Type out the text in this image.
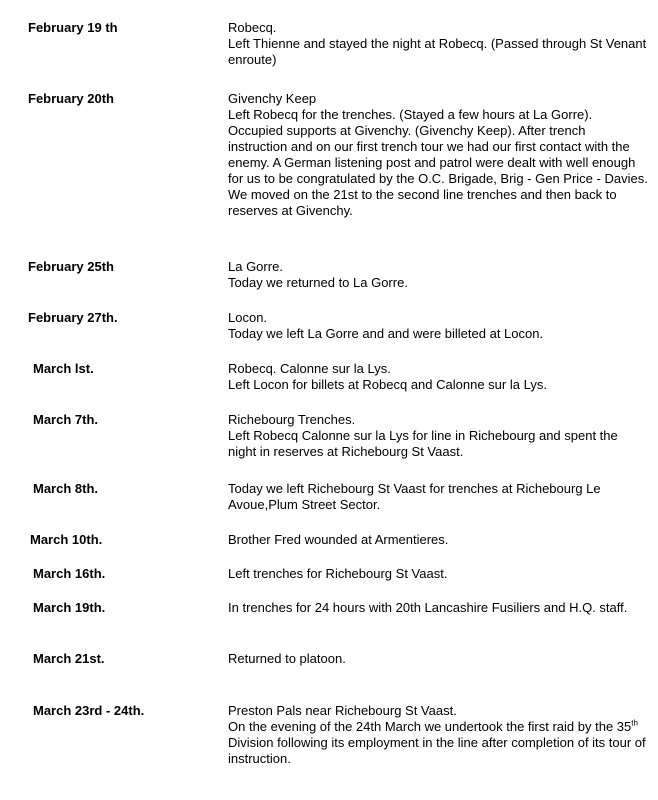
February 19 th	Robecq.

Left Thienne and stayed the night at Robecq. (Passed through St Venant enroute)

February 20th	Givenchy Keep

Left Robecq for the trenches. (Stayed a few hours at La Gorre). Occupied supports at Givenchy. (Givenchy Keep). After trench instruction and on our first trench tour we had our first contact with the enemy. A German listening post and patrol were dealt with well enough for us to be congratulated by the O.C. Brigade, Brig - Gen Price - Davies. We moved on the 21st to the second line trenches and then back to reserves at Givenchy.

February 25th	La Gorre.

Today we returned to La Gorre.

February 27th.	Locon.

Today we left La Gorre and and were billeted at Locon.

March lst.	Robecq. Calonne sur la Lys.

Left Locon for billets at Robecq and Calonne sur la Lys.

March 7th.	Richebourg Trenches.

Left Robecq Calonne sur la Lys for line in Richebourg and spent the night in reserves at Richebourg St Vaast.

March 8th.	Today we left Richebourg St Vaast for trenches at Richebourg Le Avoue,Plum Street Sector.

March 10th.	Brother Fred wounded at Armentieres.

March 16th.	Left trenches for Richebourg St Vaast.

March 19th.	In trenches for 24 hours with 20th Lancashire Fusiliers and H.Q. staff.

March 21st.	Returned to platoon.

March 23rd - 24th.	Preston Pals near Richebourg St Vaast.

On the evening of the 24th March we undertook the first raid by the 35th Division following its employment in the line after completion of its tour of instruction.
